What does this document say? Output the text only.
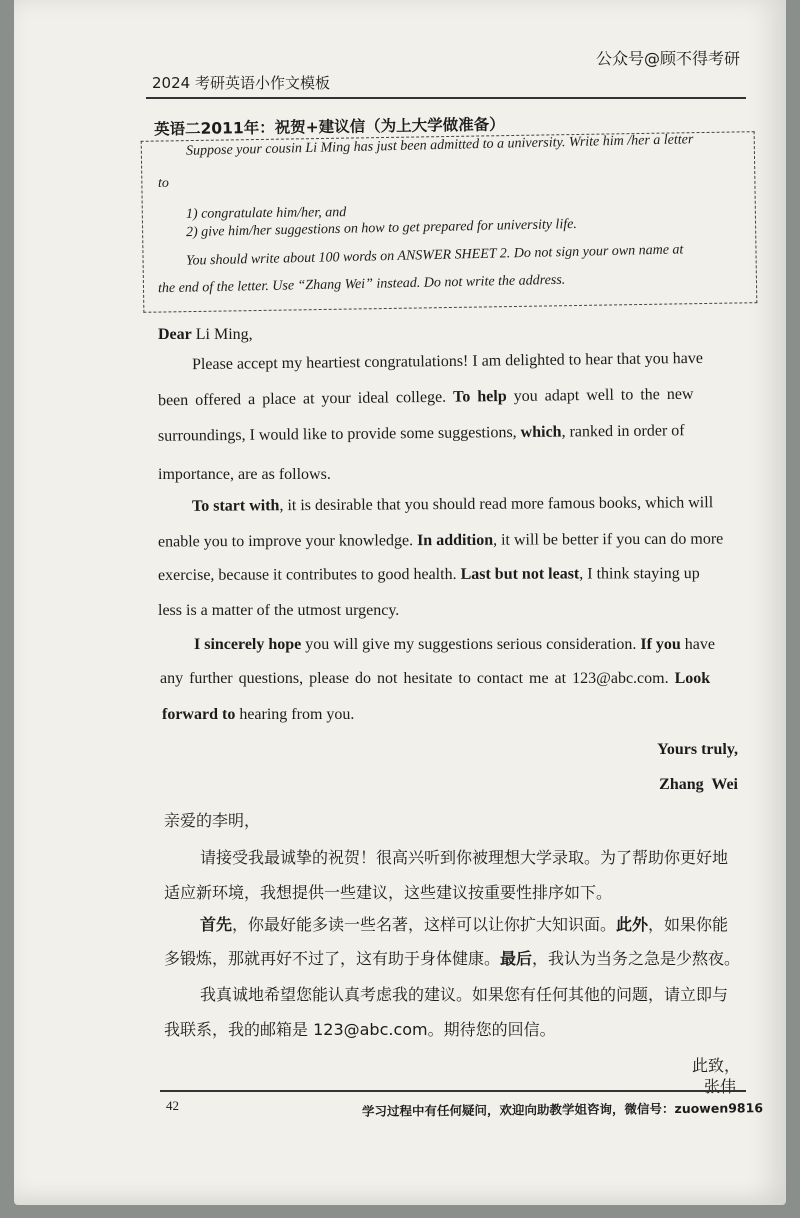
公众号@顾不得考研
2024 考研英语小作文模板
英语二2011年：祝贺+建议信（为上大学做准备）
Suppose your cousin Li Ming has just been admitted to a university. Write him /her a letter
to
1) congratulate him/her, and
2) give him/her suggestions on how to get prepared for university life.
You should write about 100 words on ANSWER SHEET 2. Do not sign your own name at
the end of the letter. Use “Zhang Wei” instead. Do not write the address.
Dear Li Ming,
Please accept my heartiest congratulations! I am delighted to hear that you have
been offered a place at your ideal college. To help you adapt well to the new
surroundings, I would like to provide some suggestions, which, ranked in order of
importance, are as follows.
To start with, it is desirable that you should read more famous books, which will
enable you to improve your knowledge. In addition, it will be better if you can do more
exercise, because it contributes to good health. Last but not least, I think staying up
less is a matter of the utmost urgency.
I sincerely hope you will give my suggestions serious consideration. If you have
any further questions, please do not hesitate to contact me at 123@abc.com. Look
forward to hearing from you.
Yours truly,
Zhang Wei
亲爱的李明，
请接受我最诚挚的祝贺！很高兴听到你被理想大学录取。为了帮助你更好地
适应新环境，我想提供一些建议，这些建议按重要性排序如下。
首先，你最好能多读一些名著，这样可以让你扩大知识面。此外，如果你能
多锻炼，那就再好不过了，这有助于身体健康。最后，我认为当务之急是少熬夜。
我真诚地希望您能认真考虑我的建议。如果您有任何其他的问题，请立即与
我联系，我的邮箱是 123@abc.com。期待您的回信。
此致，
张伟
42	学习过程中有任何疑问，欢迎向助教学姐咨询，微信号：zuowen9816
